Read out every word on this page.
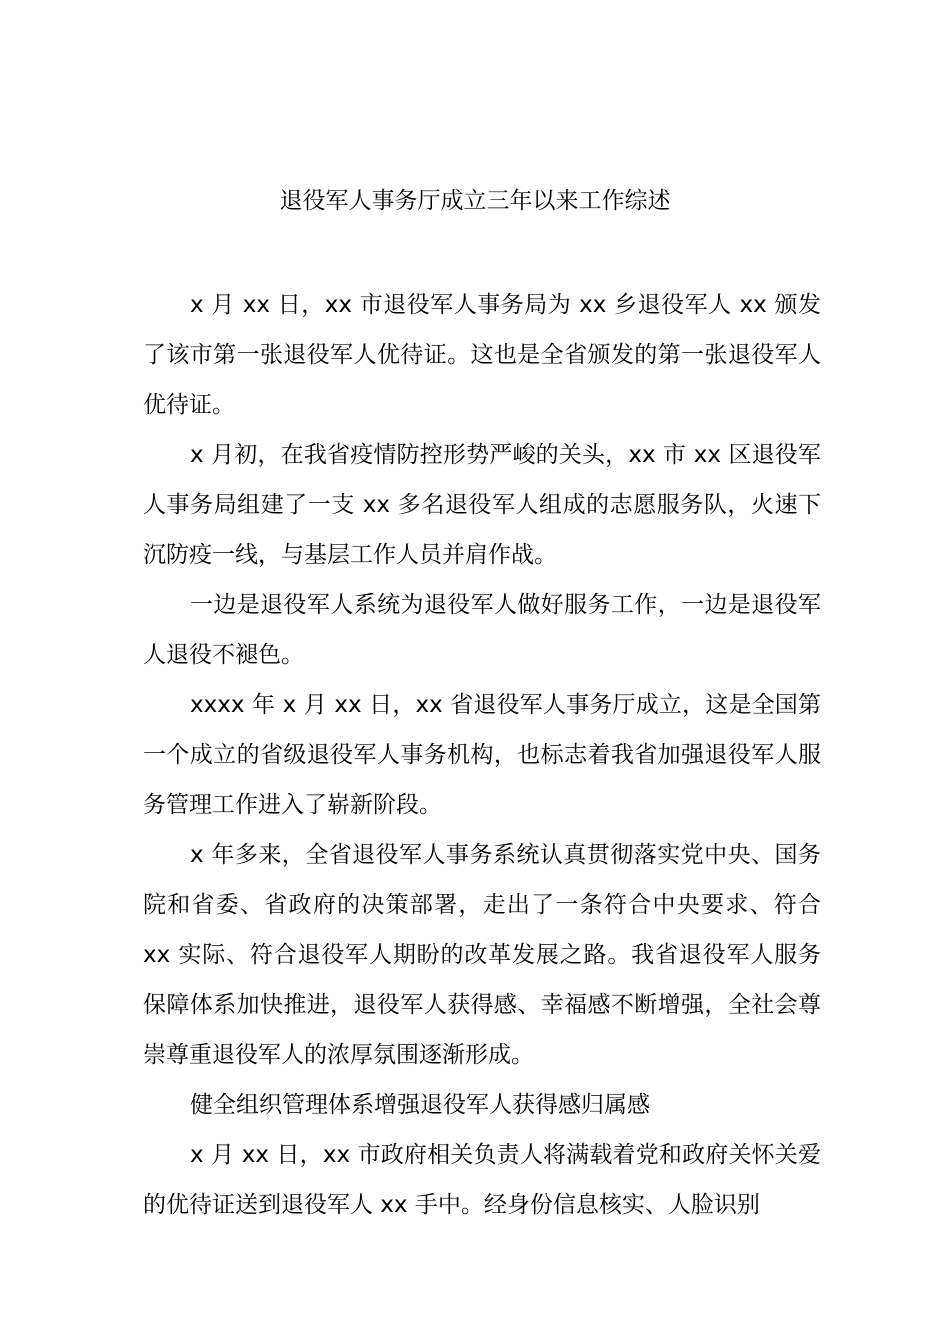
退役军人事务厅成立三年以来工作综述

x 月 xx 日，xx 市退役军人事务局为 xx 乡退役军人 xx 颁发了该市第一张退役军人优待证。这也是全省颁发的第一张退役军人优待证。

x 月初，在我省疫情防控形势严峻的关头，xx 市 xx 区退役军人事务局组建了一支 xx 多名退役军人组成的志愿服务队，火速下沉防疫一线，与基层工作人员并肩作战。

一边是退役军人系统为退役军人做好服务工作，一边是退役军人退役不褪色。

xxxx 年 x 月 xx 日，xx 省退役军人事务厅成立，这是全国第一个成立的省级退役军人事务机构，也标志着我省加强退役军人服务管理工作进入了崭新阶段。

x 年多来，全省退役军人事务系统认真贯彻落实党中央、国务院和省委、省政府的决策部署，走出了一条符合中央要求、符合 xx 实际、符合退役军人期盼的改革发展之路。我省退役军人服务保障体系加快推进，退役军人获得感、幸福感不断增强，全社会尊崇尊重退役军人的浓厚氛围逐渐形成。

健全组织管理体系增强退役军人获得感归属感

x 月 xx 日，xx 市政府相关负责人将满载着党和政府关怀关爱的优待证送到退役军人 xx 手中。经身份信息核实、人脸识别
